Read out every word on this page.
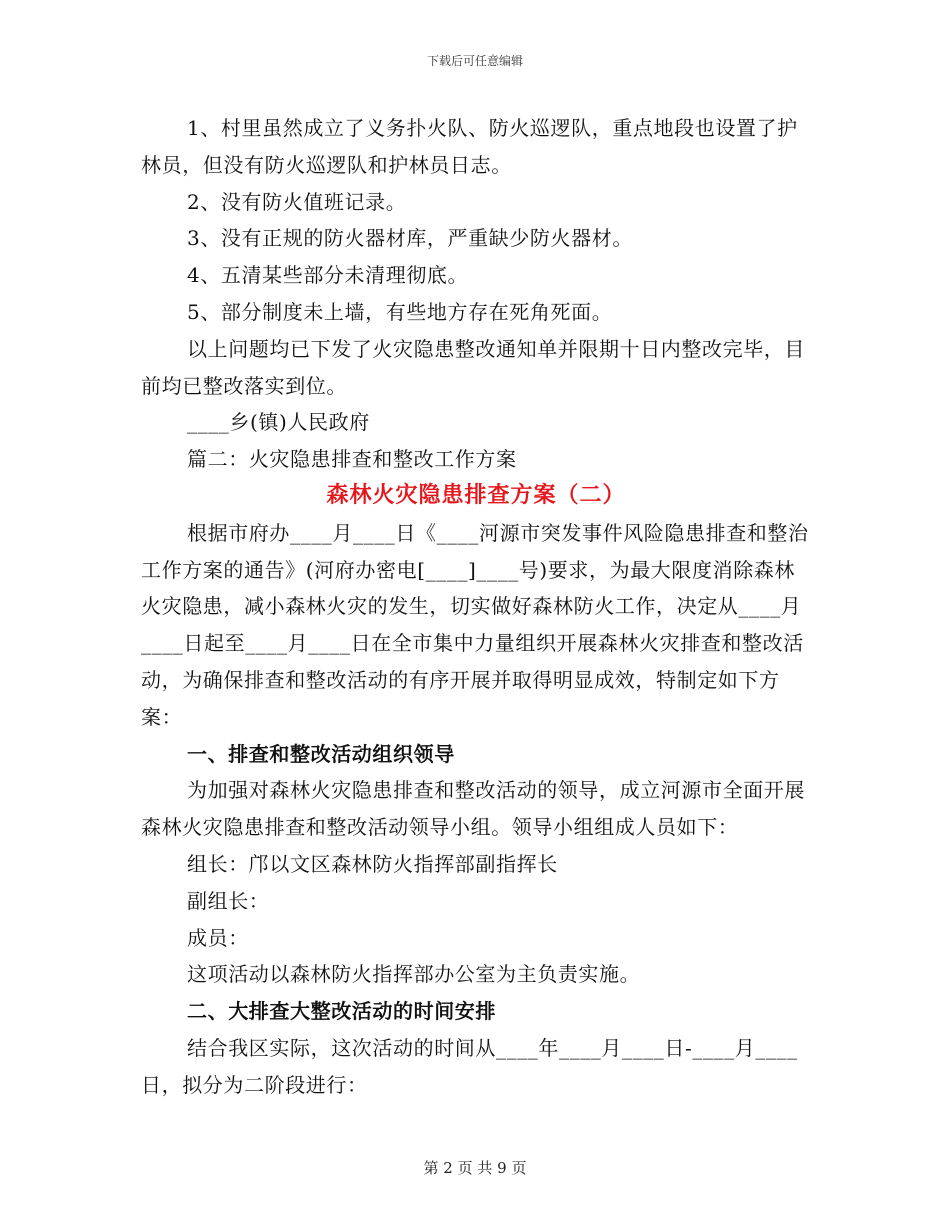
下载后可任意编辑

1、村里虽然成立了义务扑火队、防火巡逻队，重点地段也设置了护林员，但没有防火巡逻队和护林员日志。

2、没有防火值班记录。

3、没有正规的防火器材库，严重缺少防火器材。

4、五清某些部分未清理彻底。

5、部分制度未上墙，有些地方存在死角死面。

以上问题均已下发了火灾隐患整改通知单并限期十日内整改完毕，目前均已整改落实到位。

____乡(镇)人民政府

篇二：火灾隐患排查和整改工作方案

森林火灾隐患排查方案（二）

根据市府办____月____日《____河源市突发事件风险隐患排查和整治工作方案的通告》(河府办密电[____]____号)要求，为最大限度消除森林火灾隐患，减小森林火灾的发生，切实做好森林防火工作，决定从____月____日起至____月____日在全市集中力量组织开展森林火灾排查和整改活动，为确保排查和整改活动的有序开展并取得明显成效，特制定如下方案：

一、排查和整改活动组织领导

为加强对森林火灾隐患排查和整改活动的领导，成立河源市全面开展森林火灾隐患排查和整改活动领导小组。领导小组组成人员如下：

组长：邝以文区森林防火指挥部副指挥长

副组长：

成员：

这项活动以森林防火指挥部办公室为主负责实施。

二、大排查大整改活动的时间安排

结合我区实际，这次活动的时间从____年____月____日-____月____日，拟分为二阶段进行：

第 2 页 共 9 页
